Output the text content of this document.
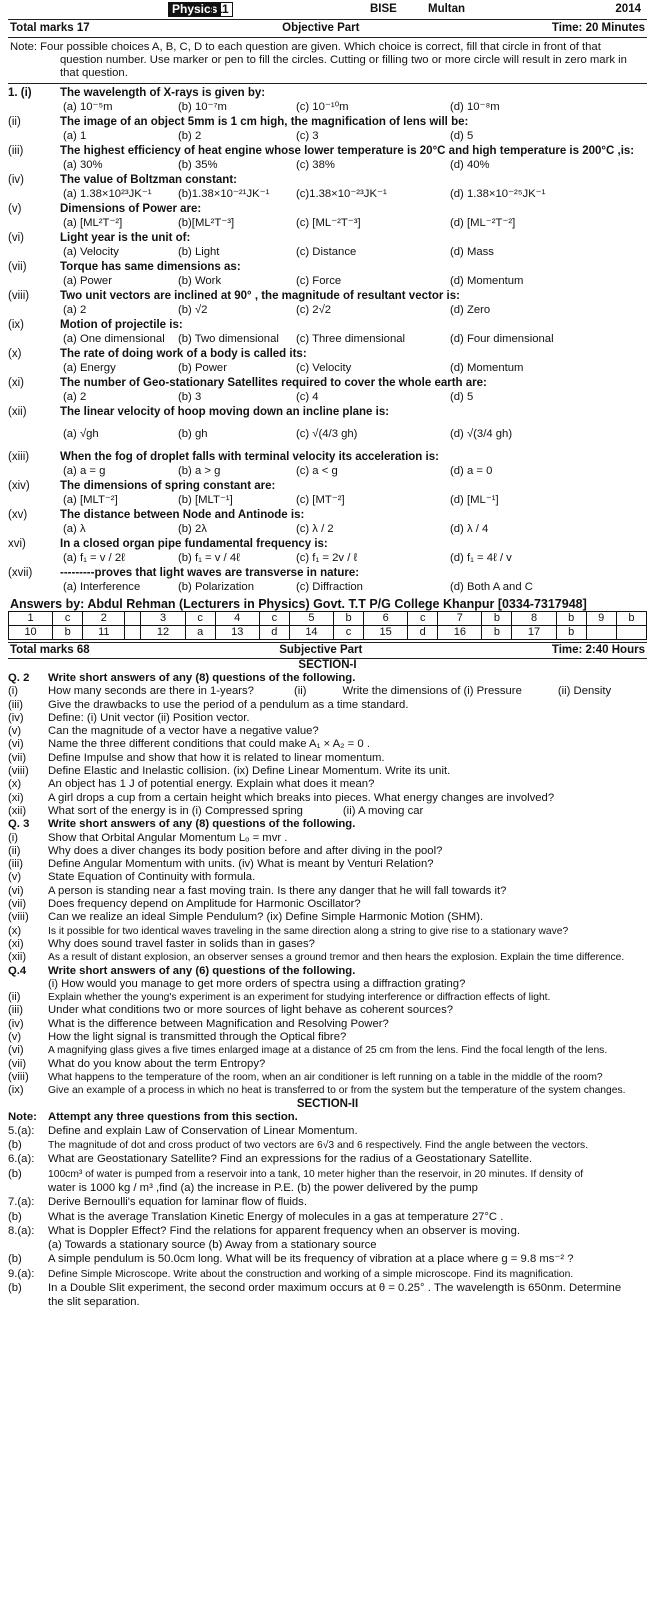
Physics
11	BISE	Multan	2014
Total marks 17	Objective Part	Time: 20 Minutes
Note: Four possible choices A, B, C, D to each question are given. Which choice is correct, fill that circle in front of that question number. Use marker or pen to fill the circles. Cutting or filling two or more circle will result in zero mark in that question.
1. (i)	The wavelength of X-rays is given by:
(a) 10⁻⁵m	(b) 10⁻⁷m	(c) 10⁻¹⁰m	(d) 10⁻⁸m
(ii)	The image of an object 5mm is 1 cm high, the magnification of lens will be:
(a) 1	(b) 2	(c) 3	(d) 5
(iii)	The highest efficiency of heat engine whose lower temperature is 20°C and high temperature is 200°C ,is:
(a) 30%	(b) 35%	(c) 38%	(d) 40%
(iv)	The value of Boltzman constant:
(a) 1.38×10²³JK⁻¹	(b)1.38×10⁻²¹JK⁻¹	(c)1.38×10⁻²³JK⁻¹	(d) 1.38×10⁻²⁵JK⁻¹
(v)	Dimensions of Power are:
(a) [ML²T⁻²]	(b)[ML²T⁻³]	(c) [ML⁻²T⁻³]	(d) [ML⁻²T⁻²]
(vi)	Light year is the unit of:
(a) Velocity	(b) Light	(c) Distance	(d) Mass
(vii)	Torque has same dimensions as:
(a) Power	(b) Work	(c) Force	(d) Momentum
(viii)	Two unit vectors are inclined at 90° , the magnitude of resultant vector is:
(a) 2	(b) √2	(c) 2√2	(d) Zero
(ix)	Motion of projectile is:
(a) One dimensional	(b) Two dimensional	(c) Three dimensional	(d) Four dimensional
(x)	The rate of doing work of a body is called its:
(a) Energy	(b) Power	(c) Velocity	(d) Momentum
(xi)	The number of Geo-stationary Satellites required to cover the whole earth are:
(a) 2	(b) 3	(c) 4	(d) 5
(xii)	The linear velocity of hoop moving down an incline plane is:
(a) √gh	(b) gh	(c) √(4/3 gh)	(d) √(3/4 gh)
(xiii)	When the fog of droplet falls with terminal velocity its acceleration is:
(a) a = g	(b) a > g	(c) a < g	(d) a = 0
(xiv)	The dimensions of spring constant are:
(a) [MLT⁻²]	(b) [MLT⁻¹]	(c) [MT⁻²]	(d) [ML⁻¹]
(xv)	The distance between Node and Antinode is:
(a) λ	(b) 2λ	(c) λ / 2	(d) λ / 4
xvi)	In a closed organ pipe fundamental frequency is:
(a) f₁ = v / 2ℓ	(b) f₁ = v / 4ℓ	(c) f₁ = 2v / ℓ	(d) f₁ = 4ℓ / v
(xvii)	---------proves that light waves are transverse in nature:
(a) Interference	(b) Polarization	(c) Diffraction	(d) Both A and C
Answers by: Abdul Rehman (Lecturers in Physics) Govt. T.T P/G College Khanpur [0334-7317948]
1	c	2		3	c	4	c	5	b	6	c	7	b	8	b	9	b
10	b	11		12	a	13	d	14	c	15	d	16	b	17	b		
Total marks 68	Subjective Part	Time: 2:40 Hours
SECTION-I
Q. 2	Write short answers of any (8) questions of the following.
(i)	How many seconds are there in 1-years?	(ii)	Write the dimensions of (i) Pressure	(ii) Density
(iii)	Give the drawbacks to use the period of a pendulum as a time standard.
(iv)	Define: (i) Unit vector (ii) Position vector.
(v)	Can the magnitude of a vector have a negative value?
(vi)	Name the three different conditions that could make A₁ × A₂ = 0 .
(vii)	Define Impulse and show that how it is related to linear momentum.
(viii)	Define Elastic and Inelastic collision. (ix) Define Linear Momentum. Write its unit.
(x)	An object has 1 J of potential energy. Explain what does it mean?
(xi)	A girl drops a cup from a certain height which breaks into pieces. What energy changes are involved?
(xii)	What sort of the energy is in (i) Compressed spring	(ii) A moving car
Q. 3	Write short answers of any (8) questions of the following.
(i)	Show that Orbital Angular Momentum Lₒ = mvr .
(ii)	Why does a diver changes its body position before and after diving in the pool?
(iii)	Define Angular Momentum with units. (iv) What is meant by Venturi Relation?
(v)	State Equation of Continuity with formula.
(vi)	A person is standing near a fast moving train. Is there any danger that he will fall towards it?
(vii)	Does frequency depend on Amplitude for Harmonic Oscillator?
(viii)	Can we realize an ideal Simple Pendulum? (ix) Define Simple Harmonic Motion (SHM).
(x)	Is it possible for two identical waves traveling in the same direction along a string to give rise to a stationary wave?
(xi)	Why does sound travel faster in solids than in gases?
(xii)	As a result of distant explosion, an observer senses a ground tremor and then hears the explosion. Explain the time difference.
Q.4	Write short answers of any (6) questions of the following.
(i) How would you manage to get more orders of spectra using a diffraction grating?
(ii)	Explain whether the young's experiment is an experiment for studying interference or diffraction effects of light.
(iii)	Under what conditions two or more sources of light behave as coherent sources?
(iv)	What is the difference between Magnification and Resolving Power?
(v)	How the light signal is transmitted through the Optical fibre?
(vi)	A magnifying glass gives a five times enlarged image at a distance of 25 cm from the lens. Find the focal length of the lens.
(vii)	What do you know about the term Entropy?
(viii)	What happens to the temperature of the room, when an air conditioner is left running on a table in the middle of the room?
(ix)	Give an example of a process in which no heat is transferred to or from the system but the temperature of the system changes.
SECTION-II
Note: Attempt any three questions from this section.
5.(a):	Define and explain Law of Conservation of Linear Momentum.
(b)	The magnitude of dot and cross product of two vectors are 6√3 and 6 respectively. Find the angle between the vectors.
6.(a):	What are Geostationary Satellite? Find an expressions for the radius of a Geostationary Satellite.
(b)	100cm³ of water is pumped from a reservoir into a tank, 10 meter higher than the reservoir, in 20 minutes. If density of
water is 1000 kg / m³ ,find (a) the increase in P.E. (b) the power delivered by the pump
7.(a):	Derive Bernoulli's equation for laminar flow of fluids.
(b)	What is the average Translation Kinetic Energy of molecules in a gas at temperature 27°C .
8.(a):	What is Doppler Effect? Find the relations for apparent frequency when an observer is moving.
(a) Towards a stationary source (b) Away from a stationary source
(b)	A simple pendulum is 50.0cm long. What will be its frequency of vibration at a place where g = 9.8 ms⁻² ?
9.(a):	Define Simple Microscope. Write about the construction and working of a simple microscope. Find its magnification.
(b)	In a Double Slit experiment, the second order maximum occurs at θ = 0.25° . The wavelength is 650nm. Determine
the slit separation.
